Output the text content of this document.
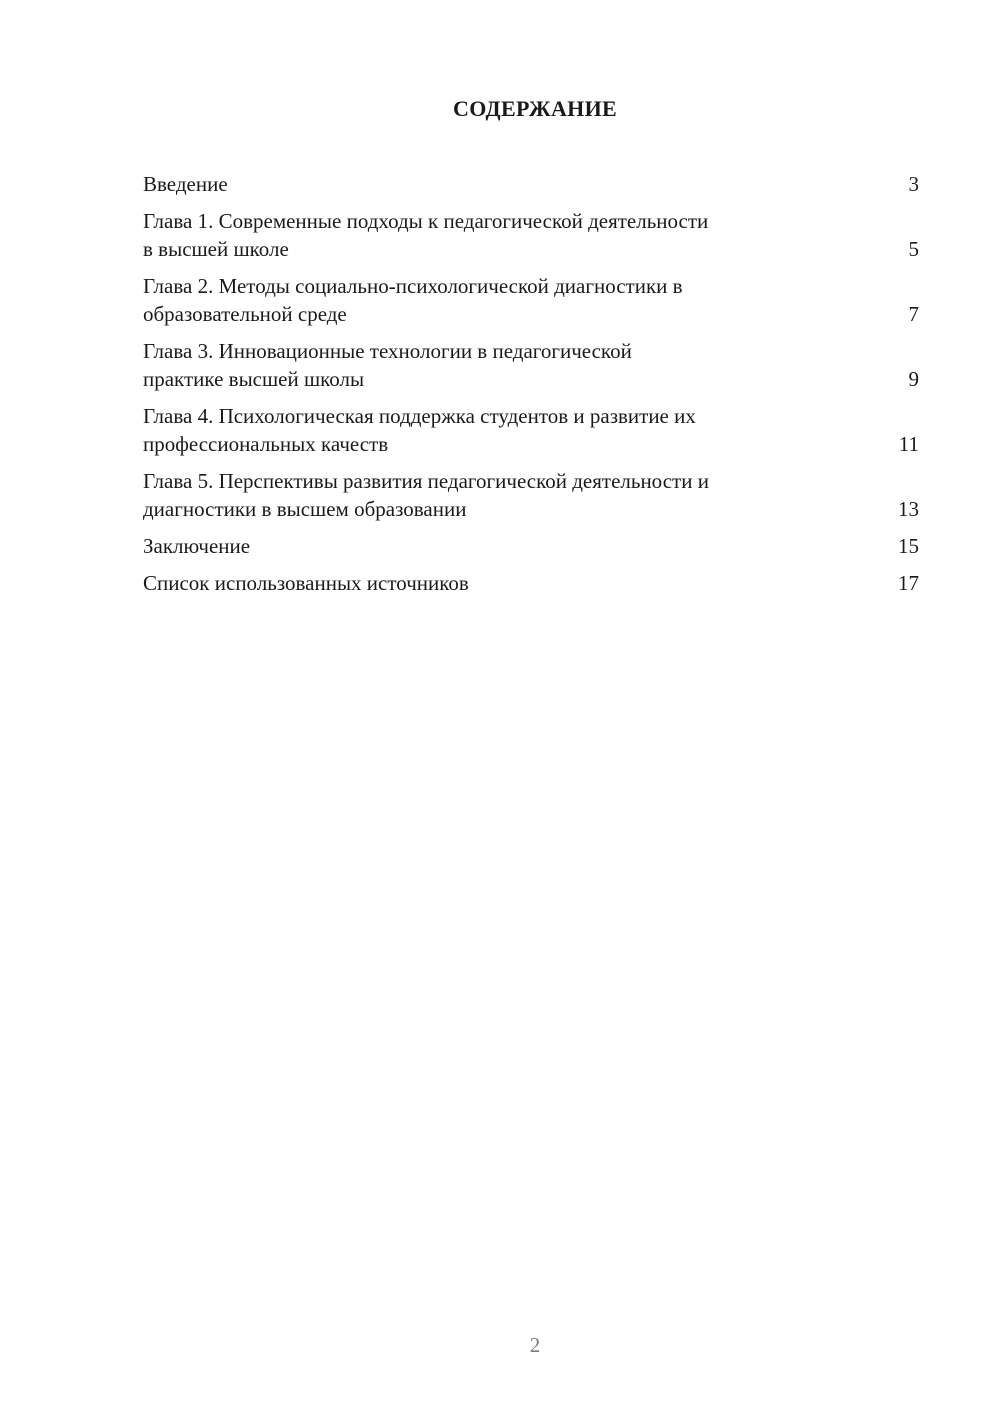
СОДЕРЖАНИЕ
Введение	3
Глава 1. Современные подходы к педагогической деятельности
в высшей школе	5
Глава 2. Методы социально-психологической диагностики в
образовательной среде	7
Глава 3. Инновационные технологии в педагогической
практике высшей школы	9
Глава 4. Психологическая поддержка студентов и развитие их
профессиональных качеств	11
Глава 5. Перспективы развития педагогической деятельности и
диагностики в высшем образовании	13
Заключение	15
Список использованных источников	17
2
